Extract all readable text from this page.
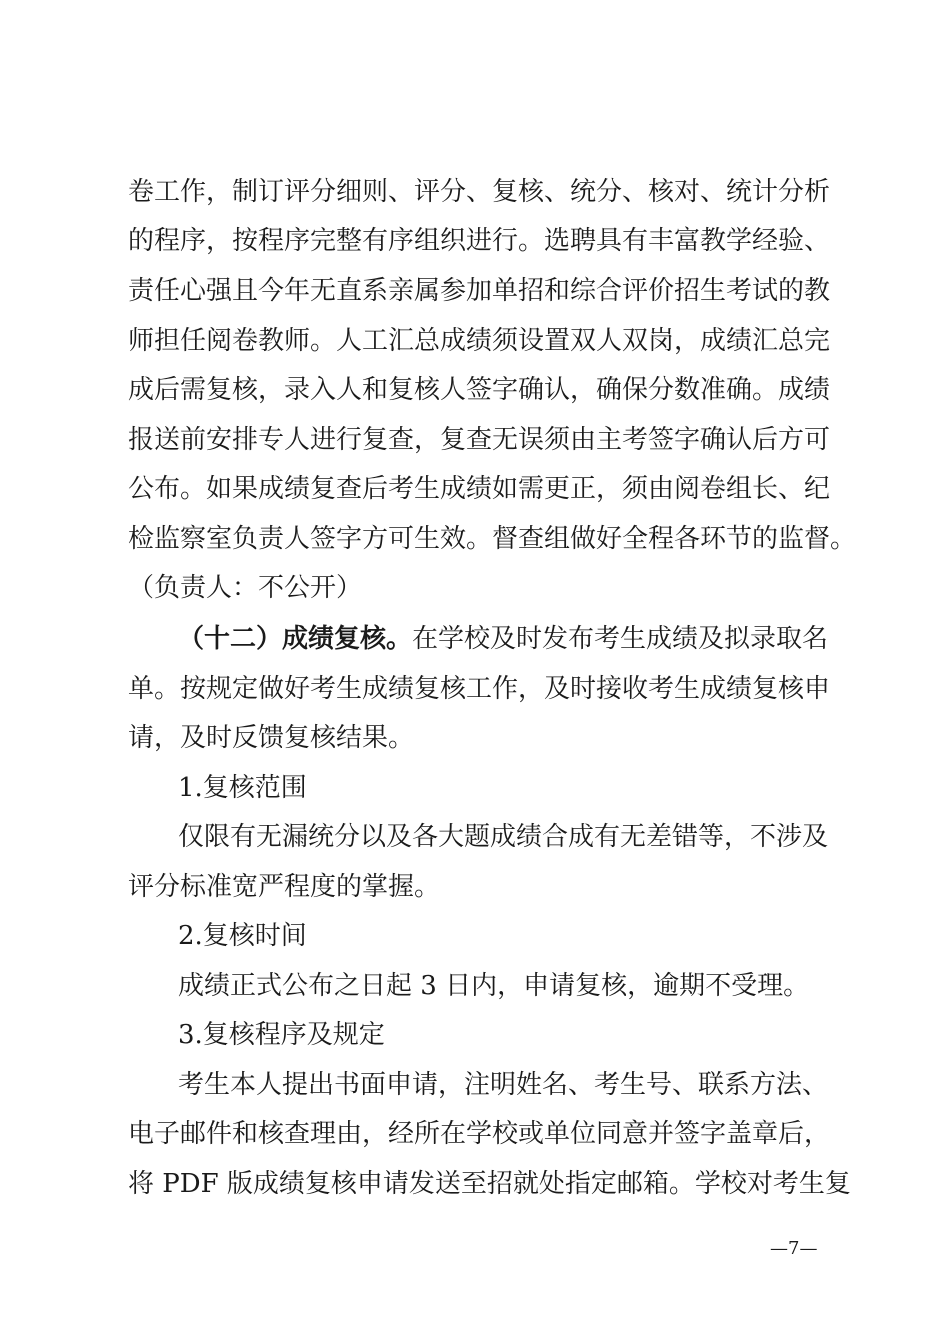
卷工作，制订评分细则、评分、复核、统分、核对、统计分析
的程序，按程序完整有序组织进行。选聘具有丰富教学经验、
责任心强且今年无直系亲属参加单招和综合评价招生考试的教
师担任阅卷教师。人工汇总成绩须设置双人双岗，成绩汇总完
成后需复核，录入人和复核人签字确认，确保分数准确。成绩
报送前安排专人进行复查，复查无误须由主考签字确认后方可
公布。如果成绩复查后考生成绩如需更正，须由阅卷组长、纪
检监察室负责人签字方可生效。督查组做好全程各环节的监督。
（负责人：不公开）
（十二）成绩复核。在学校及时发布考生成绩及拟录取名
单。按规定做好考生成绩复核工作，及时接收考生成绩复核申
请，及时反馈复核结果。
1.复核范围
仅限有无漏统分以及各大题成绩合成有无差错等，不涉及
评分标准宽严程度的掌握。
2.复核时间
成绩正式公布之日起 3 日内，申请复核，逾期不受理。
3.复核程序及规定
考生本人提出书面申请，注明姓名、考生号、联系方法、
电子邮件和核查理由，经所在学校或单位同意并签字盖章后，
将 PDF 版成绩复核申请发送至招就处指定邮箱。学校对考生复
—7—
